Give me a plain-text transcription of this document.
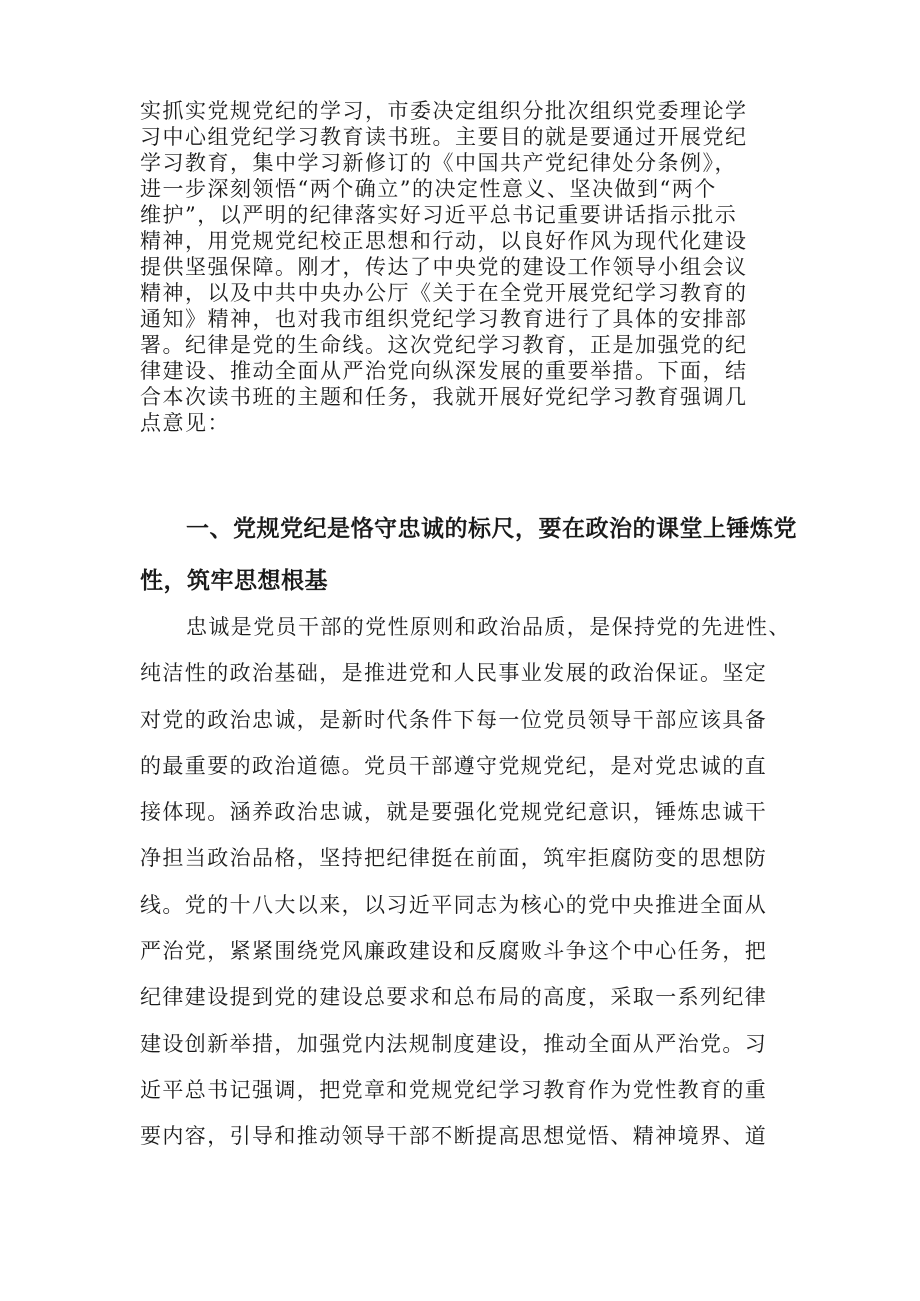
实抓实党规党纪的学习，市委决定组织分批次组织党委理论学
习中心组党纪学习教育读书班。主要目的就是要通过开展党纪
学习教育，集中学习新修订的《中国共产党纪律处分条例》，
进一步深刻领悟“两个确立”的决定性意义、坚决做到“两个
维护”，以严明的纪律落实好习近平总书记重要讲话指示批示
精神，用党规党纪校正思想和行动，以良好作风为现代化建设
提供坚强保障。刚才，传达了中央党的建设工作领导小组会议
精神，以及中共中央办公厅《关于在全党开展党纪学习教育的
通知》精神，也对我市组织党纪学习教育进行了具体的安排部
署。纪律是党的生命线。这次党纪学习教育，正是加强党的纪
律建设、推动全面从严治党向纵深发展的重要举措。下面，结
合本次读书班的主题和任务，我就开展好党纪学习教育强调几
点意见：
一、党规党纪是恪守忠诚的标尺，要在政治的课堂上锤炼党
性，筑牢思想根基
忠诚是党员干部的党性原则和政治品质，是保持党的先进性、
纯洁性的政治基础，是推进党和人民事业发展的政治保证。坚定
对党的政治忠诚，是新时代条件下每一位党员领导干部应该具备
的最重要的政治道德。党员干部遵守党规党纪，是对党忠诚的直
接体现。涵养政治忠诚，就是要强化党规党纪意识，锤炼忠诚干
净担当政治品格，坚持把纪律挺在前面，筑牢拒腐防变的思想防
线。党的十八大以来，以习近平同志为核心的党中央推进全面从
严治党，紧紧围绕党风廉政建设和反腐败斗争这个中心任务，把
纪律建设提到党的建设总要求和总布局的高度，采取一系列纪律
建设创新举措，加强党内法规制度建设，推动全面从严治党。习
近平总书记强调，把党章和党规党纪学习教育作为党性教育的重
要内容，引导和推动领导干部不断提高思想觉悟、精神境界、道
